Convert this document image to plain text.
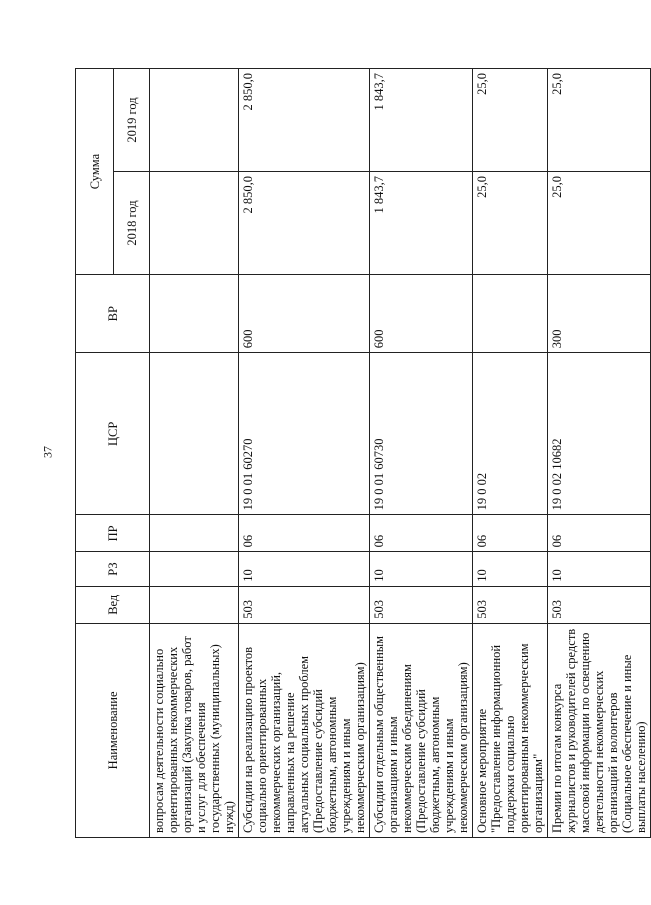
37
Наименование	Вед	РЗ	ПР	ЦСР	ВР	Сумма	
						2018 год	2019 год
вопросам деятельности социально ориентированных некоммерческих организаций (Закупка товаров, работ и услуг для обеспечения государственных (муниципальных) нужд)							
Субсидии на реализацию проектов социально ориентированных некоммерческих организаций, направленных на решение актуальных социальных проблем (Предоставление субсидий бюджетным, автономным учреждениям и иным некоммерческим организациям)	503	10	06	19 0 01 60270	600	2 850,0	2 850,0
Субсидии отдельным общественным организациям и иным некоммерческим объединениям (Предоставление субсидий бюджетным, автономным учреждениям и иным некоммерческим организациям)	503	10	06	19 0 01 60730	600	1 843,7	1 843,7
Основное мероприятие "Предоставление информационной поддержки социально ориентированным некоммерческим организациям"	503	10	06	19 0 02		25,0	25,0
Премии по итогам конкурса журналистов и руководителей средств массовой информации по освещению деятельности некоммерческих организаций и волонтеров (Социальное обеспечение и иные выплаты населению)	503	10	06	19 0 02 10682	300	25,0	25,0
